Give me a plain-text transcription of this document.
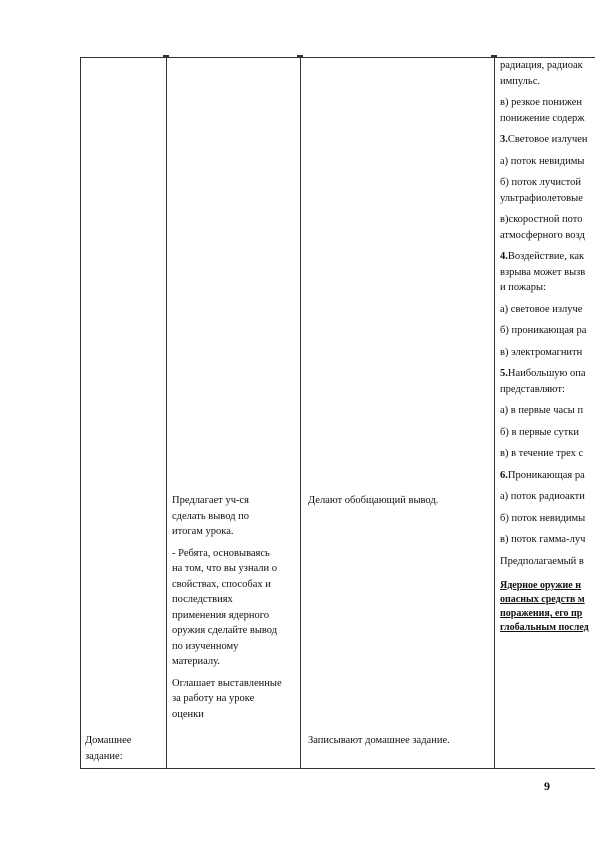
Домашнее
задание:

Предлагает уч-ся
сделать вывод по
итогам урока.

- Ребята, основываясь
на том, что вы узнали о
свойствах, способах и
последствиях
применения ядерного
оружия сделайте вывод
по изученному
материалу.

Оглашает выставленные
за работу на уроке
оценки

Делают обобщающий вывод.
Записывают домашнее задание.

радиация, радиоак
импульс.

в) резкое понижен
понижение содерж

3.Световое излучен

а) поток невидимы

б) поток лучистой
ультрафиолетовые

в)скоростной пото
атмосферного возд

4.Воздействие, как
взрыва может вызв
и пожары:

а) световое излуче

б) проникающая ра

в) электромагнитн

5.Наибольшую опа
представляют:

а) в первые часы п

б) в первые сутки

в) в течение трех с

6.Проникающая ра

а) поток радиоакти

б) поток невидимы

в) поток гамма-луч

Предполагаемый в

Ядерное оружие н
опасных средств м
поражения, его пр
глобальным послед
9
